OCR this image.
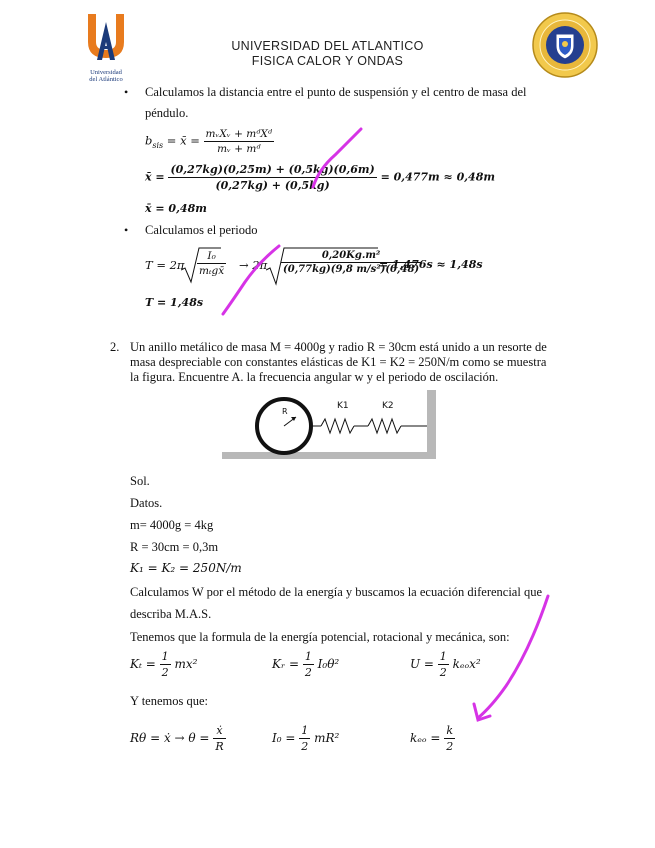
Universidad
del Atlántico
UNIVERSIDAD DEL ATLANTICO
FISICA CALOR Y ONDAS
• Calculamos la distancia entre el punto de suspensión y el centro de masa del
péndulo.
$b_{sis}$ = x̄ = $\frac{\text{mᵥXᵥ + mᵈXᵈ}}{\text{mᵥ + mᵈ}}$
x̄ = $\frac{(0,27kg)(0,25m) + (0,5kg)(0,6m)}{(0,27kg) + (0,5kg)} = 0,477m \approx 0,48m$
x̄ = 0,48m
• Calculamos el periodo
T = 2π
I₀
mₜgx̄ → $2\pi \frac{\text{0,20Kg.m²}}{\text{(0,77kg)(9,8 m/s²)(0,48)}}$
= 1,476s ≈ 1,48s
T = 1,48s
2. Un anillo metálico de masa M = 4000g y radio R = 30cm está unido a un resorte de
masa despreciable con constantes elásticas de K1 = K2 = 250N/m como se muestra
la figura. Encuentre A. la frecuencia angular w y el periodo de oscilación.
R
K1	K2
Sol.
Datos.
m= 4000g = 4kg
R = 30cm = 0,3m
K₁ = K₂ = 250N/m
Calculamos W por el método de la energía y buscamos la ecuación diferencial que
describa M.A.S.
Tenemos que la formula de la energía potencial, rotacional y mecánica, son:
$K_t = \frac{1}{2} mx^2$	Kᵣ = $\frac{1}{2} I_0\theta^2$	$U = \frac{1}{2} k_{eo}x^2$
Y tenemos que:
Rθ = ẋ → $\theta = \frac{\text{ẋ}}{R}$	$I_0 = \frac{1}{2} mR^2$	$k_{eo} = \frac{k}{2}$
